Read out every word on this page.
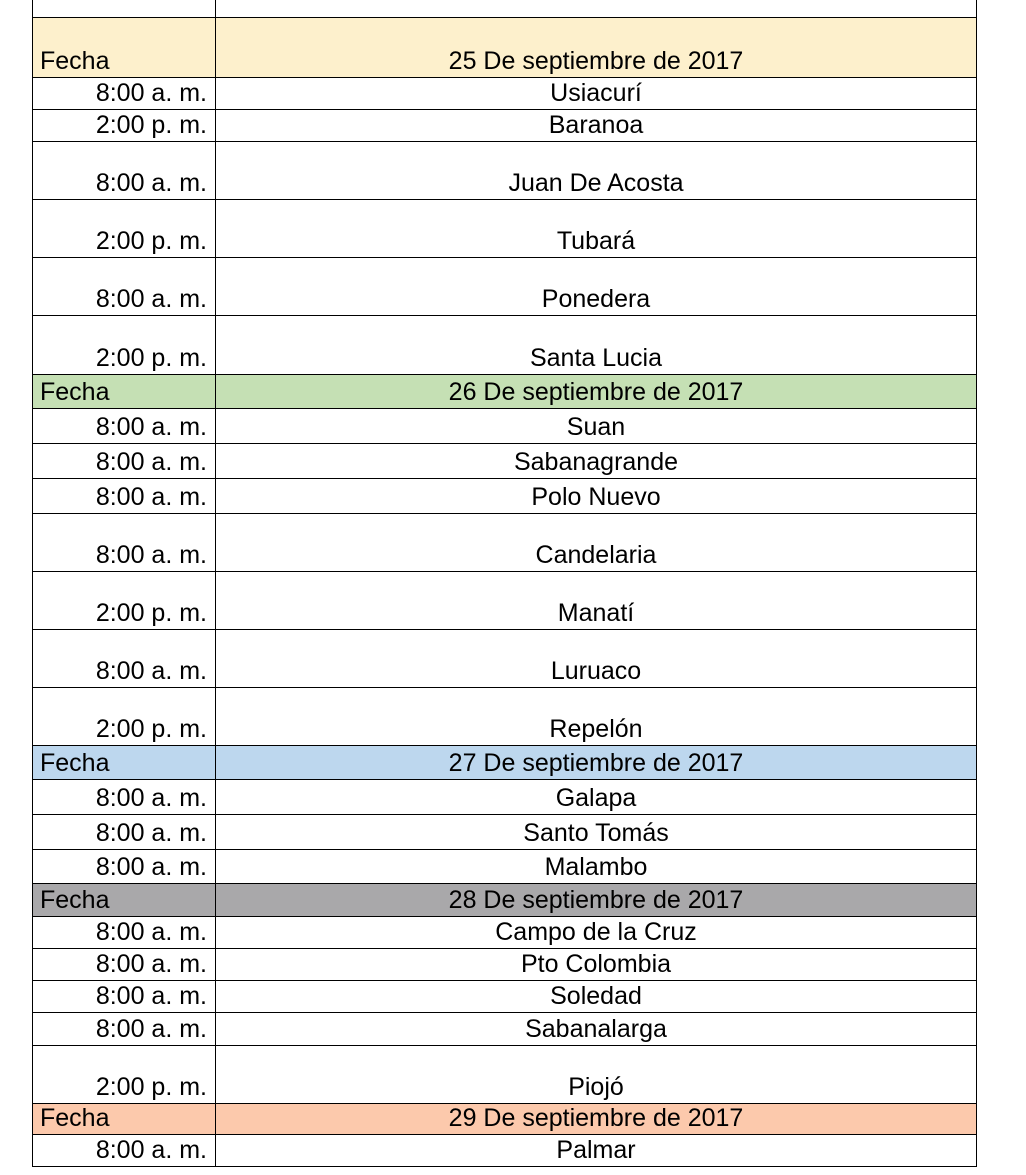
Fecha	25 De septiembre de 2017
8:00 a. m.	Usiacurí
2:00 p. m.	Baranoa
8:00 a. m.	Juan De Acosta
2:00 p. m.	Tubará
8:00 a. m.	Ponedera
2:00 p. m.	Santa Lucia
Fecha	26 De septiembre de 2017
8:00 a. m.	Suan
8:00 a. m.	Sabanagrande
8:00 a. m.	Polo Nuevo
8:00 a. m.	Candelaria
2:00 p. m.	Manatí
8:00 a. m.	Luruaco
2:00 p. m.	Repelón
Fecha	27 De septiembre de 2017
8:00 a. m.	Galapa
8:00 a. m.	Santo Tomás
8:00 a. m.	Malambo
Fecha	28 De septiembre de 2017
8:00 a. m.	Campo de la Cruz
8:00 a. m.	Pto Colombia
8:00 a. m.	Soledad
8:00 a. m.	Sabanalarga
2:00 p. m.	Piojó
Fecha	29 De septiembre de 2017
8:00 a. m.	Palmar
